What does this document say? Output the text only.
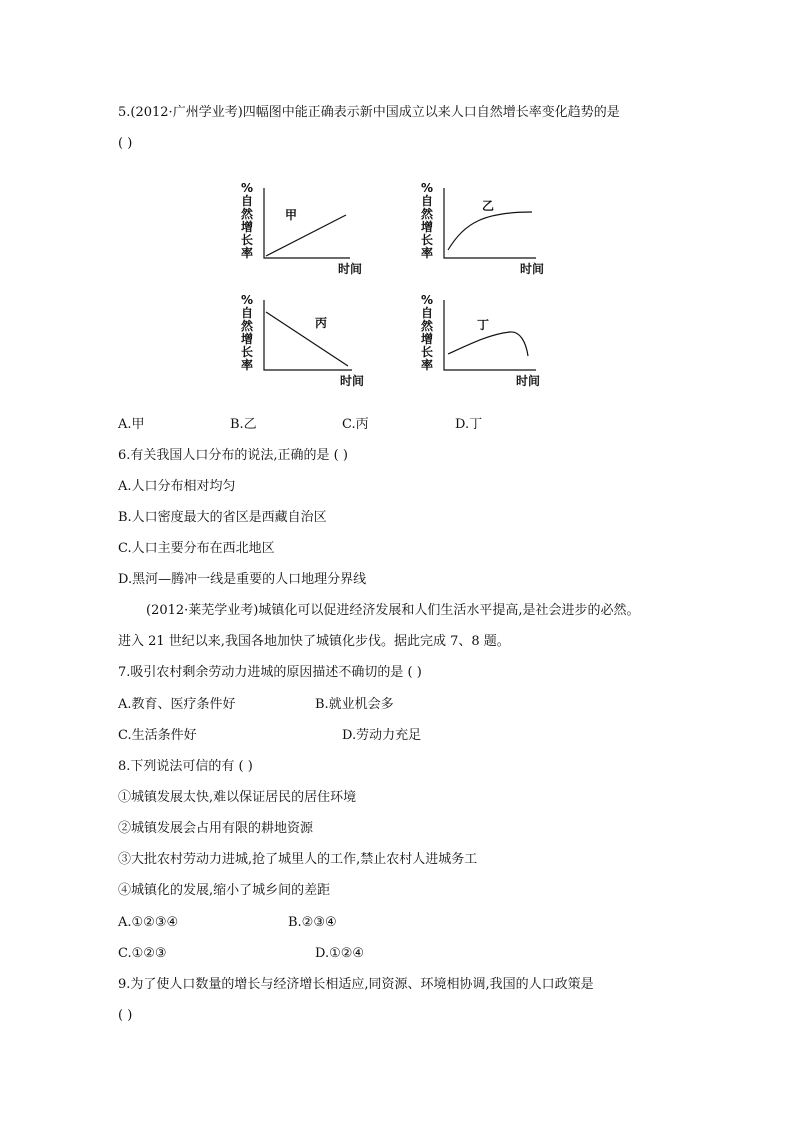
5.(2012·广州学业考)四幅图中能正确表示新中国成立以来人口自然增长率变化趋势的是
( )
%
自
然
增
长
率
甲
时间
%
自
然
增
长
率
乙
时间
%
自
然
增
长
率
丙
时间
%
自
然
增
长
率
丁
时间
A.甲	B.乙	C.丙	D.丁
6.有关我国人口分布的说法,正确的是 ( )
A.人口分布相对均匀
B.人口密度最大的省区是西藏自治区
C.人口主要分布在西北地区
D.黑河—腾冲一线是重要的人口地理分界线
(2012·莱芜学业考)城镇化可以促进经济发展和人们生活水平提高,是社会进步的必然。
进入 21 世纪以来,我国各地加快了城镇化步伐。据此完成 7、8 题。
7.吸引农村剩余劳动力进城的原因描述不确切的是 ( )
A.教育、医疗条件好	B.就业机会多
C.生活条件好	D.劳动力充足
8.下列说法可信的有 ( )
①城镇发展太快,难以保证居民的居住环境
②城镇发展会占用有限的耕地资源
③大批农村劳动力进城,抢了城里人的工作,禁止农村人进城务工
④城镇化的发展,缩小了城乡间的差距
A.①②③④	B.②③④
C.①②③	D.①②④
9.为了使人口数量的增长与经济增长相适应,同资源、环境相协调,我国的人口政策是
( )
